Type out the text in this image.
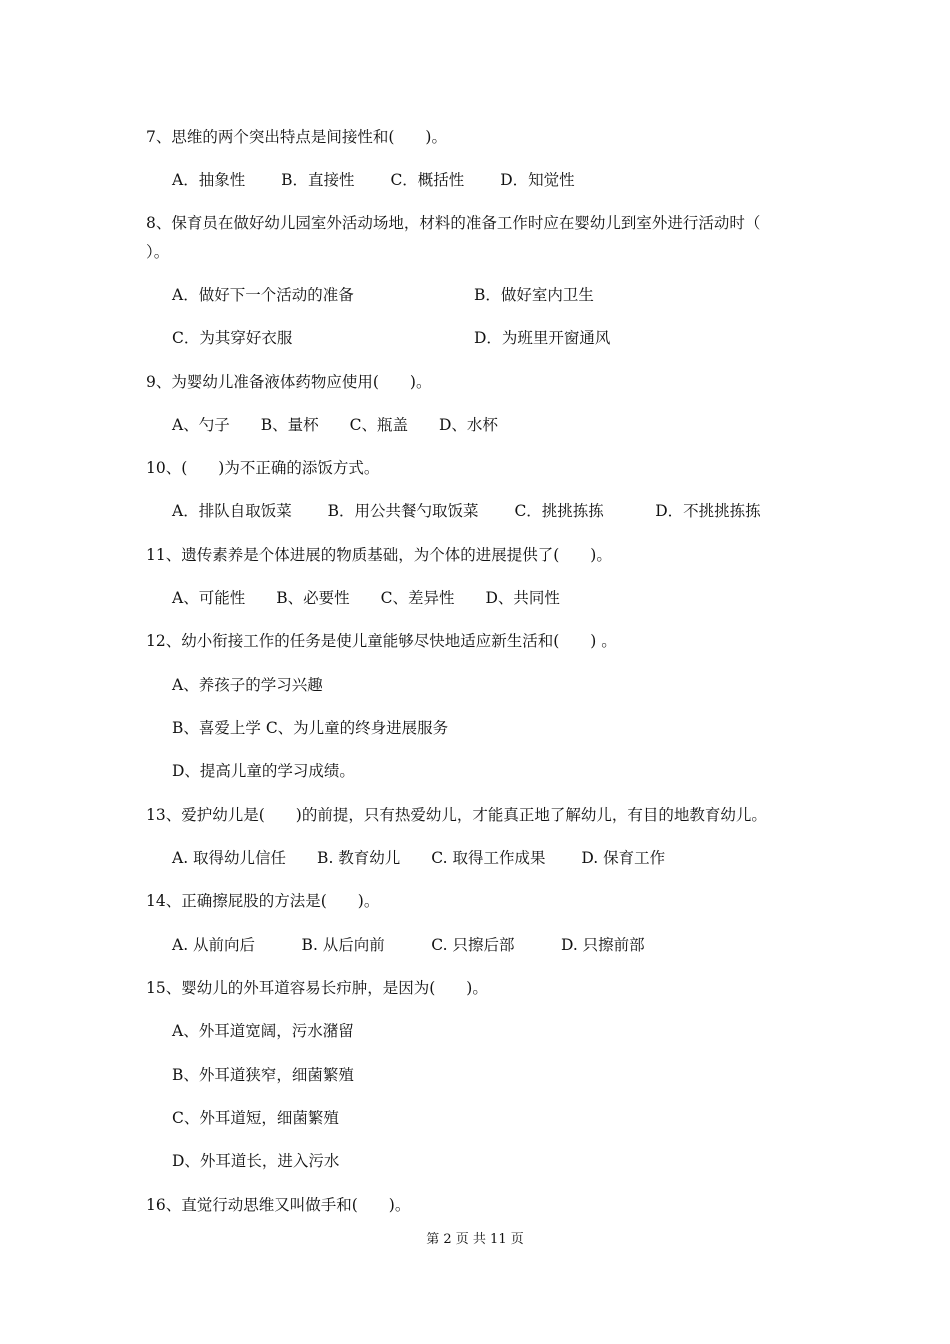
7、思维的两个突出特点是间接性和(　　)。
A．抽象性　　 B．直接性　　 C．概括性　　 D．知觉性
8、保育员在做好幼儿园室外活动场地，材料的准备工作时应在婴幼儿到室外进行活动时（
）。
A．做好下一个活动的准备	B．做好室内卫生
C．为其穿好衣服	D．为班里开窗通风
9、为婴幼儿准备液体药物应使用(　　)。
A、勺子　　B、量杯　　C、瓶盖　　D、水杯
10、(　　)为不正确的添饭方式。
A．排队自取饭菜　　 B．用公共餐勺取饭菜　　 C．挑挑拣拣　　　 D．不挑挑拣拣
11、遗传素养是个体进展的物质基础，为个体的进展提供了(　　)。
A、可能性　　B、必要性　　C、差异性　　D、共同性
12、幼小衔接工作的任务是使儿童能够尽快地适应新生活和(　　) 。
A、养孩子的学习兴趣
B、喜爱上学 C、为儿童的终身进展服务
D、提高儿童的学习成绩。
13、爱护幼儿是(　　)的前提，只有热爱幼儿，才能真正地了解幼儿，有目的地教育幼儿。
A. 取得幼儿信任　　B. 教育幼儿　　C. 取得工作成果　　 D. 保育工作
14、正确擦屁股的方法是(　　)。
A. 从前向后　　　B. 从后向前　　　C. 只擦后部　　　D. 只擦前部
15、婴幼儿的外耳道容易长疖肿，是因为(　　)。
A、外耳道宽阔，污水潴留
B、外耳道狭窄，细菌繁殖
C、外耳道短，细菌繁殖
D、外耳道长，进入污水
16、直觉行动思维又叫做手和(　　)。
第 2 页 共 11 页
